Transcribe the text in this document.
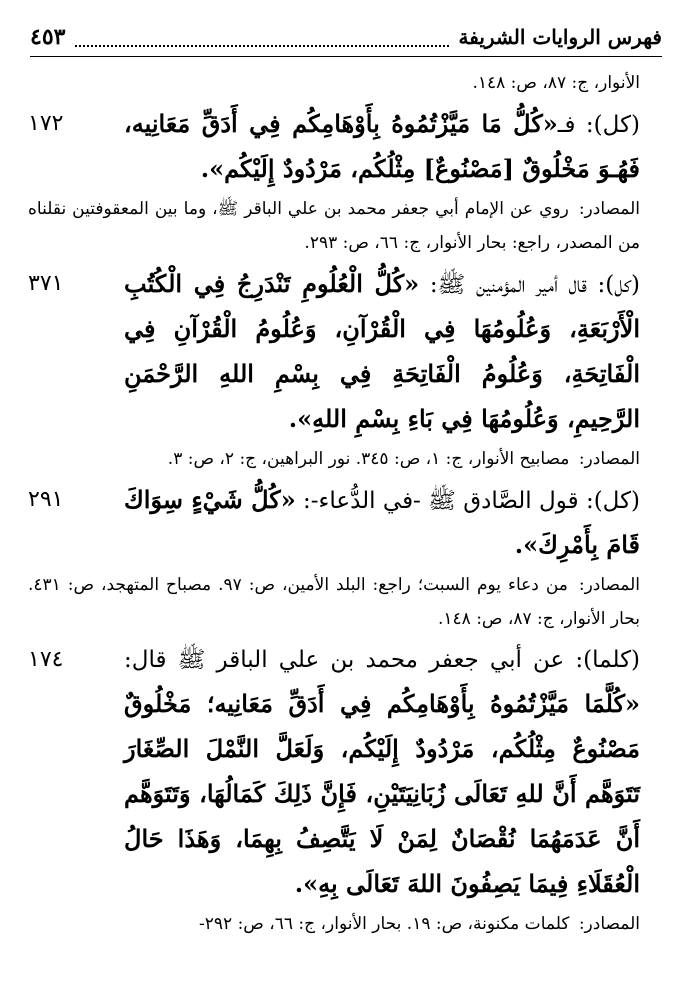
فهرس الروايات الشريفة
٤٥٣

الأنوار، ج: ٨٧، ص: ١٤٨.

١٧٢	(كل): فـ«كُلُّ مَا مَيَّزْتُمُوهُ بِأَوْهَامِكُم فِي أَدَقِّ مَعَانِيه، فَهُـوَ مَخْلُوقٌ [مَصْنُوعٌ] مِثْلُكُم، مَرْدُودٌ إِلَيْكُم».

المصادر: روي عن الإمام أبي جعفر محمد بن علي الباقر ﷺ، وما بين المعقوفتين نقلناه من المصدر، راجع: بحار الأنوار، ج: ٦٦، ص: ٢٩٣.

٣٧١	(كل): قال أمير المؤمنين ﷺ: «كُلُّ الْعُلُومِ تَنْدَرِجُ فِي الْكُتُبِ الْأَرْبَعَةِ، وَعُلُومُهَا فِي الْقُرْآنِ، وَعُلُومُ الْقُرْآنِ فِي الْفَاتِحَةِ، وَعُلُومُ الْفَاتِحَةِ فِي بِسْمِ اللهِ الرَّحْمَنِ الرَّحِيمِ، وَعُلُومُهَا فِي بَاءِ بِسْمِ اللهِ».

المصادر: مصابيح الأنوار، ج: ١، ص: ٣٤٥. نور البراهين، ج: ٢، ص: ٣.

٢٩١	(كل): قول الصَّادق ﷺ -في الدُّعاء-: «كُلُّ شَيْءٍ سِوَاكَ قَامَ بِأَمْرِكَ».

المصادر: من دعاء يوم السبت؛ راجع: البلد الأمين، ص: ٩٧. مصباح المتهجد، ص: ٤٣١. بحار الأنوار، ج: ٨٧، ص: ١٤٨.

١٧٤	(كلما): عن أبي جعفر محمد بن علي الباقر ﷺ قال: «كُلَّمَا مَيَّزْتُمُوهُ بِأَوْهَامِكُم فِي أَدَقِّ مَعَانِيه؛ مَخْلُوقٌ مَصْنُوعٌ مِثْلُكُم، مَرْدُودٌ إِلَيْكُم، وَلَعَلَّ النَّمْلَ الصِّغَارَ تَتَوَهَّم أَنَّ للهِ تَعَالَى زُبَانِيَتَيْنِ، فَإِنَّ ذَلِكَ كَمَالُهَا، وَتَتَوَهَّم أَنَّ عَدَمَهُمَا نُقْصَانٌ لِمَنْ لَا يَتَّصِفُ بِهِمَا، وَهَذَا حَالُ الْعُقَلَاءِ فِيمَا يَصِفُونَ اللهَ تَعَالَى بِهِ».

المصادر: كلمات مكنونة، ص: ١٩. بحار الأنوار، ج: ٦٦، ص: ٢٩٢-
